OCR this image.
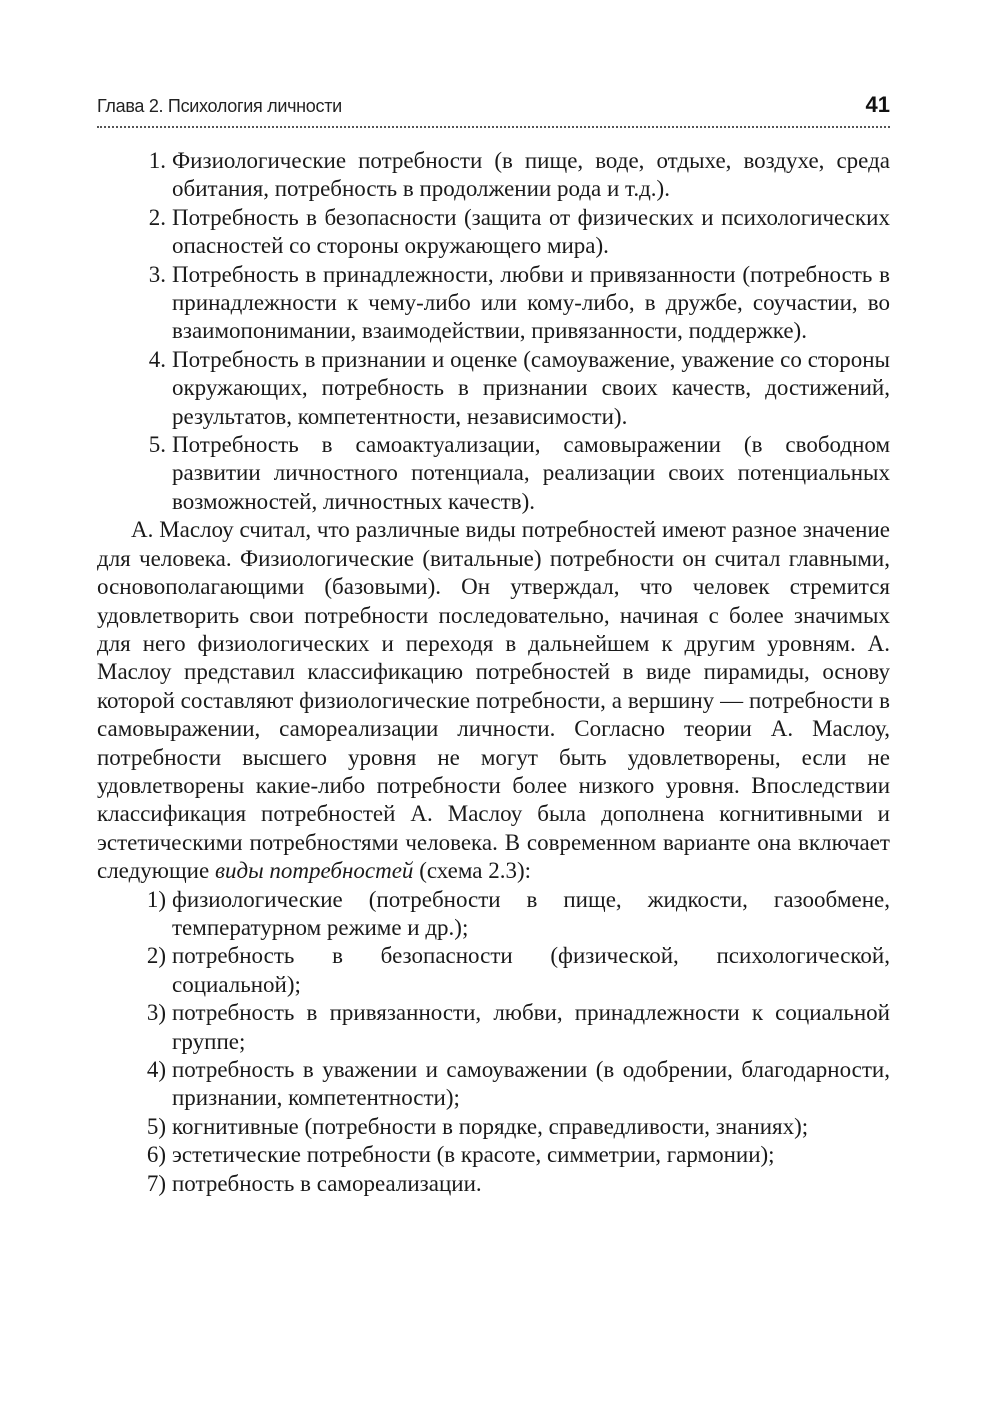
Глава 2. Психология личности	41
1. Физиологические потребности (в пище, воде, отдыхе, воздухе, среда обитания, потребность в продолжении рода и т.д.).
2. Потребность в безопасности (защита от физических и психологических опасностей со стороны окружающего мира).
3. Потребность в принадлежности, любви и привязанности (потребность в принадлежности к чему-либо или кому-либо, в дружбе, соучастии, во взаимопонимании, взаимодействии, привязанности, поддержке).
4. Потребность в признании и оценке (самоуважение, уважение со стороны окружающих, потребность в признании своих качеств, достижений, результатов, компетентности, независимости).
5. Потребность в самоактуализации, самовыражении (в свободном развитии личностного потенциала, реализации своих потенциальных возможностей, личностных качеств).

А. Маслоу считал, что различные виды потребностей имеют разное значение для человека. Физиологические (витальные) потребности он считал главными, основополагающими (базовыми). Он утверждал, что человек стремится удовлетворить свои потребности последовательно, начиная с более значимых для него физиологических и переходя в дальнейшем к другим уровням. А. Маслоу представил классификацию потребностей в виде пирамиды, основу которой составляют физиологические потребности, а вершину — потребности в самовыражении, самореализации личности. Согласно теории А. Маслоу, потребности высшего уровня не могут быть удовлетворены, если не удовлетворены какие-либо потребности более низкого уровня. Впоследствии классификация потребностей А. Маслоу была дополнена когнитивными и эстетическими потребностями человека. В современном варианте она включает следующие виды потребностей (схема 2.3):

1) физиологические (потребности в пище, жидкости, газообмене, температурном режиме и др.);
2) потребность в безопасности (физической, психологической, социальной);
3) потребность в привязанности, любви, принадлежности к социальной группе;
4) потребность в уважении и самоуважении (в одобрении, благодарности, признании, компетентности);
5) когнитивные (потребности в порядке, справедливости, знаниях);
6) эстетические потребности (в красоте, симметрии, гармонии);
7) потребность в самореализации.
